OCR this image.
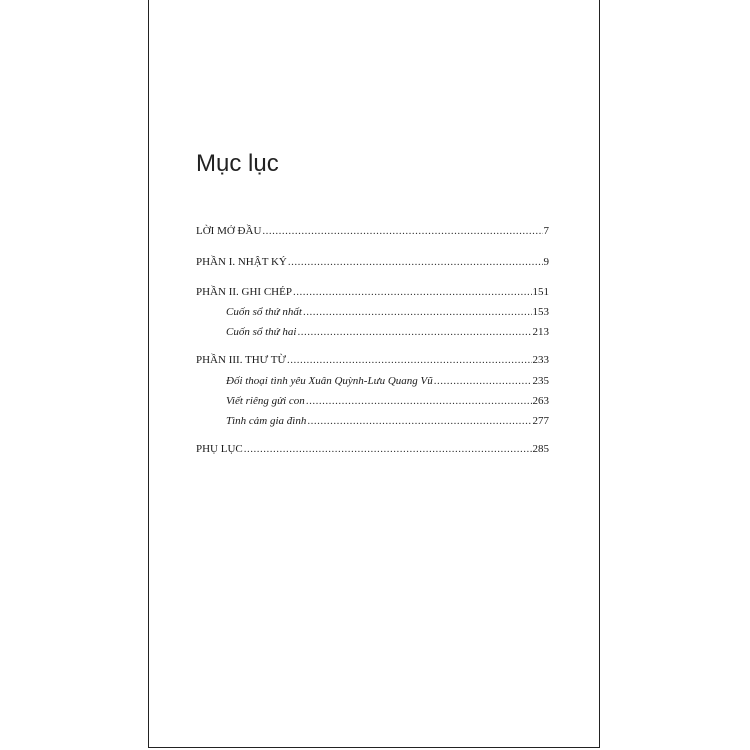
Mục lục
LỜI MỞ ĐẦU .....	7
PHẦN I. NHẬT KÝ .....	9
PHẦN II. GHI CHÉP .....	151
Cuốn sổ thứ nhất .....	153
Cuốn sổ thứ hai .....	213
PHẦN III. THƯ TỪ .....	233
Đối thoại tình yêu Xuân Quỳnh-Lưu Quang Vũ .....	235
Viết riêng gửi con .....	263
Tình cảm gia đình .....	277
PHỤ LỤC .....	285
